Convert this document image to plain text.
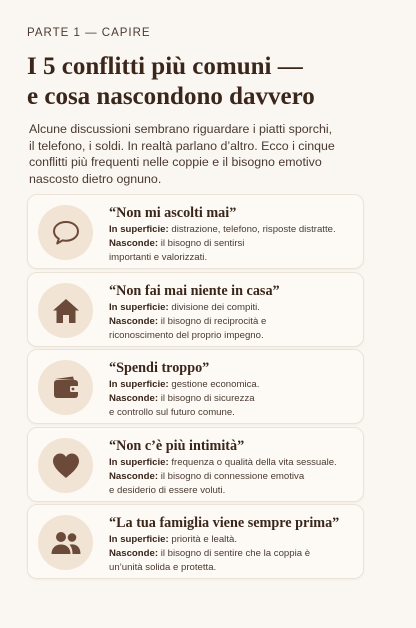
PARTE 1 — CAPIRE
I 5 conflitti più comuni —
e cosa nascondono davvero

Alcune discussioni sembrano riguardare i piatti sporchi,
il telefono, i soldi. In realtà parlano d’altro. Ecco i cinque
conflitti più frequenti nelle coppie e il bisogno emotivo
nascosto dietro ognuno.

“Non mi ascolti mai”
In superficie: distrazione, telefono, risposte distratte.
Nasconde: il bisogno di sentirsi
importanti e valorizzati.
“Non fai mai niente in casa”
In superficie: divisione dei compiti.
Nasconde: il bisogno di reciprocità e
riconoscimento del proprio impegno.
“Spendi troppo”
In superficie: gestione economica.
Nasconde: il bisogno di sicurezza
e controllo sul futuro comune.
“Non c’è più intimità”
In superficie: frequenza o qualità della vita sessuale.
Nasconde: il bisogno di connessione emotiva
e desiderio di essere voluti.
“La tua famiglia viene sempre prima”
In superficie: priorità e lealtà.
Nasconde: il bisogno di sentire che la coppia è
un’unità solida e protetta.
